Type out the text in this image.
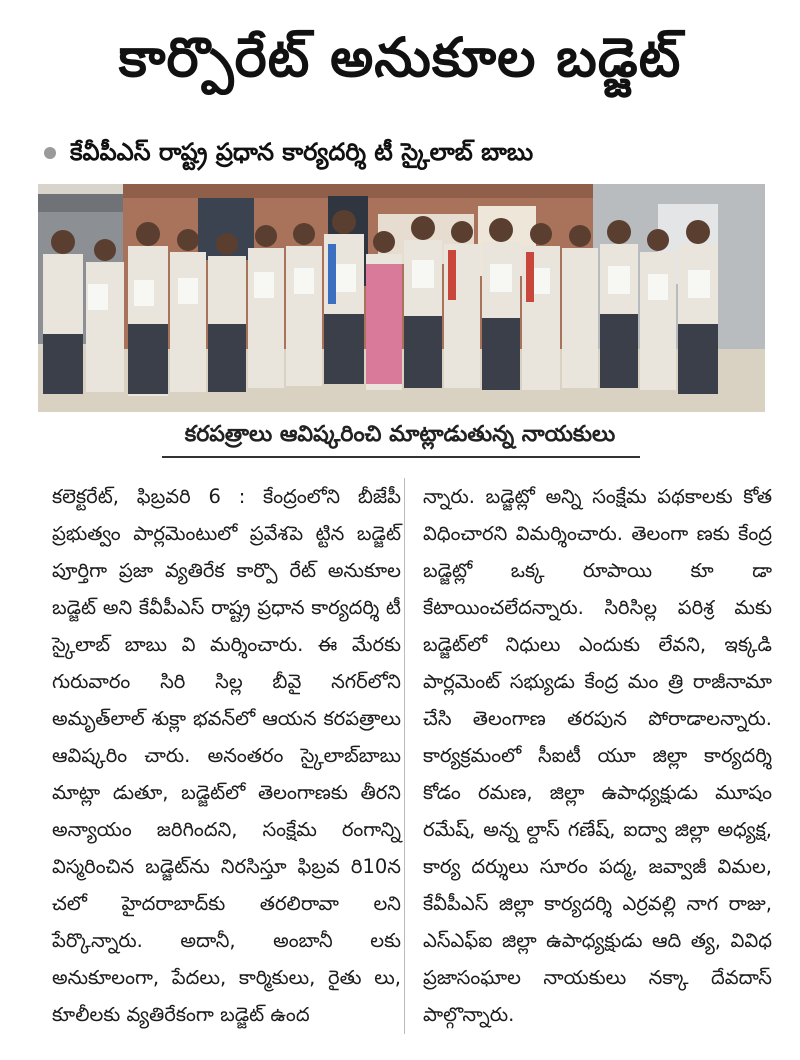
కార్పొరేట్ అనుకూల బడ్జెట్
కేవీపీఎస్ రాష్ట్ర ప్రధాన కార్యదర్శి టీ స్కైలాబ్ బాబు
కరపత్రాలు ఆవిష్కరించి మాట్లాడుతున్న నాయకులు
కలెక్టరేట్, ఫిబ్రవరి 6 : కేంద్రంలోని బీజేపీ ప్రభుత్వం పార్లమెంటులో ప్రవేశపె ట్టిన బడ్జెట్ పూర్తిగా ప్రజా వ్యతిరేక కార్పొ రేట్ అనుకూల బడ్జెట్ అని కేవీపీఎస్ రాష్ట్ర ప్రధాన కార్యదర్శి టీ స్కైలాబ్ బాబు వి మర్శించారు. ఈ మేరకు గురువారం సిరి సిల్ల బీవై నగర్‌లోని అమృత్‌లాల్ శుక్లా భవన్‌లో ఆయన కరపత్రాలు ఆవిష్కరిం చారు. అనంతరం స్కైలాబ్‌బాబు మాట్లా డుతూ, బడ్జెట్‌లో తెలంగాణకు తీరని అన్యాయం జరిగిందని, సంక్షేమ రంగాన్ని విస్మరించిన బడ్జెట్‌ను నిరసిస్తూ ఫిబ్రవ రి10న చలో హైదరాబాద్‌కు తరలిరావా లని పేర్కొన్నారు. అదానీ, అంబానీ లకు అనుకూలంగా, పేదలు, కార్మికులు, రైతు లు, కూలీలకు వ్యతిరేకంగా బడ్జెట్ ఉంద
న్నారు. బడ్జెట్లో అన్ని సంక్షేమ పథకాలకు కోత విధించారని విమర్శించారు. తెలంగా ణకు కేంద్ర బడ్జెట్లో ఒక్క రూపాయి కూ డా కేటాయించలేదన్నారు. సిరిసిల్ల పరిశ్ర మకు బడ్జెట్‌లో నిధులు ఎందుకు లేవని, ఇక్కడి పార్లమెంట్ సభ్యుడు కేంద్ర మం త్రి రాజీనామా చేసి తెలంగాణ తరపున పోరాడాలన్నారు. కార్యక్రమంలో సీఐటీ యూ జిల్లా కార్యదర్శి కోడం రమణ, జిల్లా ఉపాధ్యక్షుడు మూషం రమేష్, అన్న ల్దాస్ గణేష్, ఐద్వా జిల్లా అధ్యక్ష, కార్య దర్శులు సూరం పద్మ, జవ్వాజీ విమల, కేవీపీఎస్ జిల్లా కార్యదర్శి ఎర్రవల్లి నాగ రాజు, ఎస్ఎఫ్ఐ జిల్లా ఉపాధ్యక్షుడు ఆది త్య, వివిధ ప్రజాసంఘాల నాయకులు నక్కా దేవదాస్ పాల్గొన్నారు.
